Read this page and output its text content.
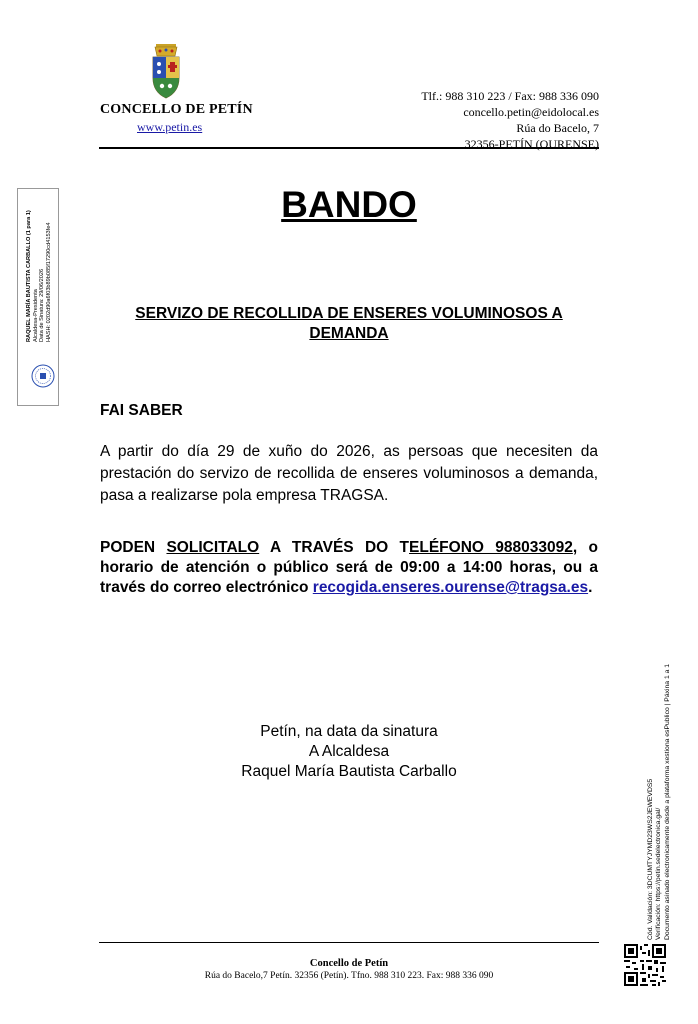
CONCELLO DE PETÍN
www.petin.es
Tlf.: 988 310 223 / Fax: 988 336 090
concello.petin@eidolocal.es
Rúa do Bacelo, 7
32356-PETÍN (OURENSE)
RAQUEL MARÍA BAUTISTA CARBALLO (1 para 1) Alcaldesa-Presidenta Data de Sinatura: 29/06/2026 HASH: 0202d90a6f03b89b085f17290cd4153fe4
Cód. Validación: 3DCUMTYJYMD23WS2JEWEVDS5 Verificación: https://petin.sedelectronica.gal/ Documento asinado electronicamente desde a plataforma xestiona esPublico | Páxina 1 a 1
BANDO
SERVIZO DE RECOLLIDA DE ENSERES VOLUMINOSOS A DEMANDA
FAI SABER
A partir do día 29 de xuño do 2026, as persoas que necesiten da prestación do servizo de recollida de enseres voluminosos a demanda, pasa a realizarse pola empresa TRAGSA.
PODEN SOLICITALO A TRAVÉS DO TELÉFONO 988033092, o horario de atención o público será de 09:00 a 14:00 horas, ou a través do correo electrónico recogida.enseres.ourense@tragsa.es.
Petín, na data da sinatura
A Alcaldesa
Raquel María Bautista Carballo
Concello de Petín
Rúa do Bacelo,7 Petín. 32356 (Petín). Tfno. 988 310 223. Fax: 988 336 090
